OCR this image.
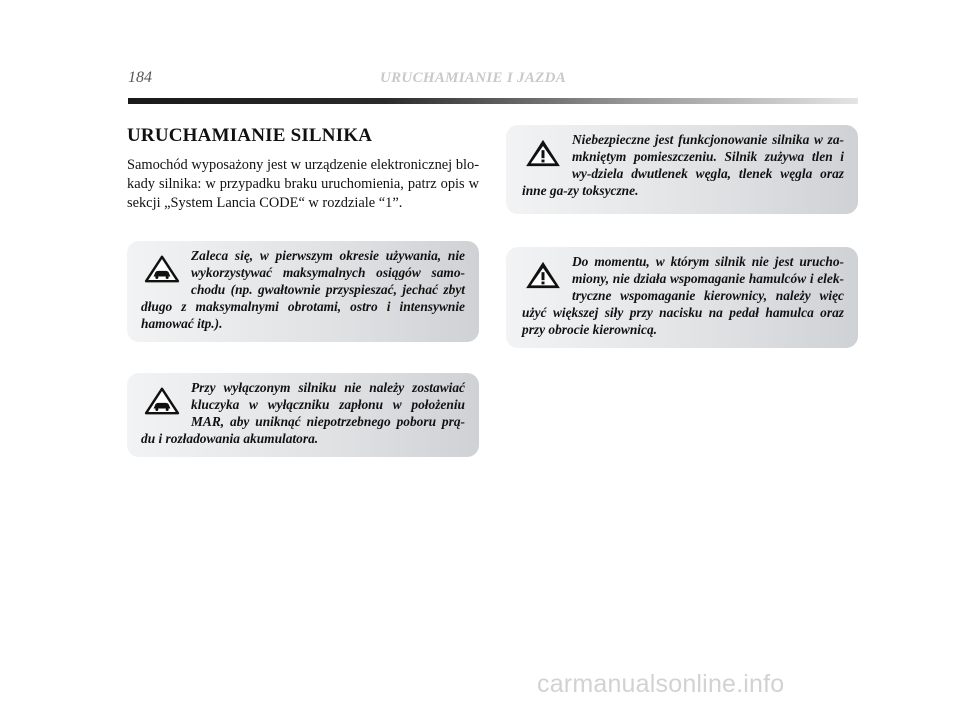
184	URUCHAMIANIE I JAZDA
URUCHAMIANIE SILNIKA
Samochód wyposażony jest w urządzenie elektronicznej blo-kady silnika: w przypadku braku uruchomienia, patrz opis w sekcji „System Lancia CODE“ w rozdziale “1”.
Zaleca się, w pierwszym okresie używania, nie wykorzystywać maksymalnych osiągów samo-chodu (np. gwałtownie przyspieszać, jechać zbyt długo z maksymalnymi obrotami, ostro i intensywnie hamować itp.).
Przy wyłączonym silniku nie należy zostawiać kluczyka w wyłączniku zapłonu w położeniu MAR, aby uniknąć niepotrzebnego poboru prą-du i rozładowania akumulatora.
Niebezpieczne jest funkcjonowanie silnika w za-mkniętym pomieszczeniu. Silnik zużywa tlen i wy-dziela dwutlenek węgla, tlenek węgla oraz inne ga-zy toksyczne.
Do momentu, w którym silnik nie jest urucho-miony, nie działa wspomaganie hamulców i elek-tryczne wspomaganie kierownicy, należy więc użyć większej siły przy nacisku na pedał hamulca oraz przy obrocie kierownicą.
carmanualsonline.info
